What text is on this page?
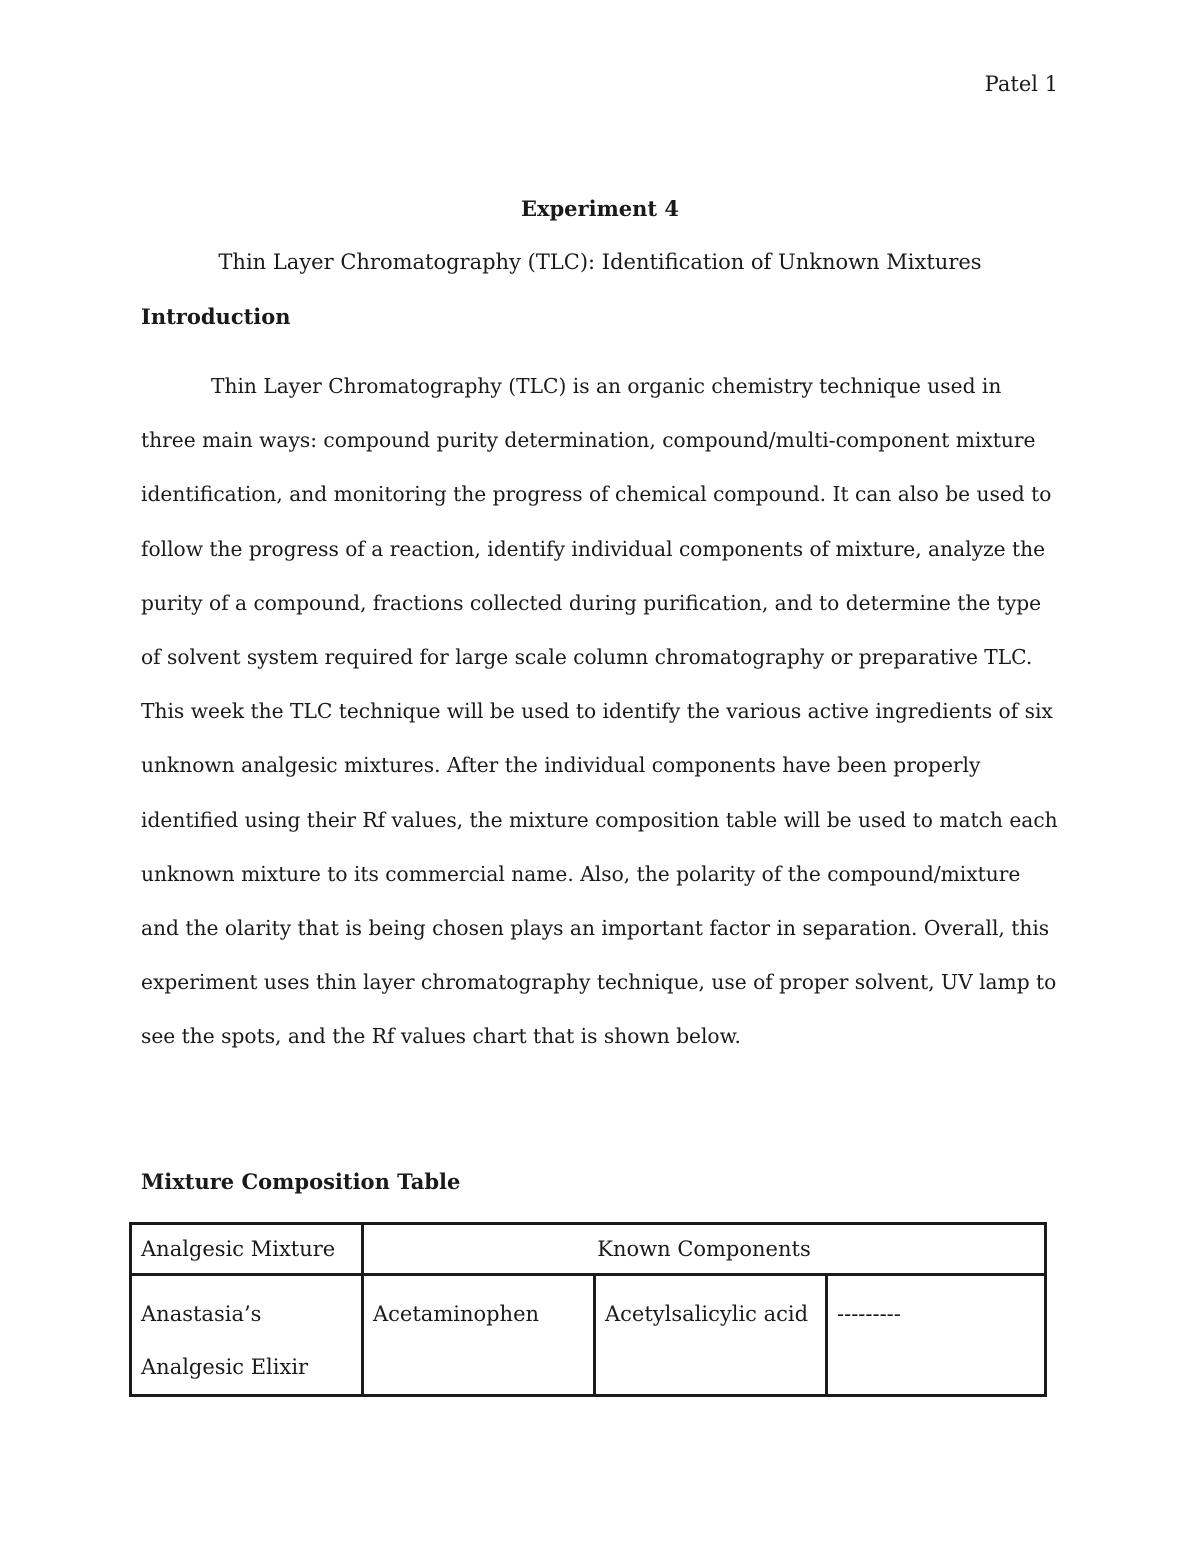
Patel 1
Experiment 4
Thin Layer Chromatography (TLC): Identification of Unknown Mixtures
Introduction

Thin Layer Chromatography (TLC) is an organic chemistry technique used in three main ways: compound purity determination, compound/multi-component mixture identification, and monitoring the progress of chemical compound. It can also be used to follow the progress of a reaction, identify individual components of mixture, analyze the purity of a compound, fractions collected during purification, and to determine the type of solvent system required for large scale column chromatography or preparative TLC. This week the TLC technique will be used to identify the various active ingredients of six unknown analgesic mixtures. After the individual components have been properly identified using their Rf values, the mixture composition table will be used to match each unknown mixture to its commercial name. Also, the polarity of the compound/mixture and the olarity that is being chosen plays an important factor in separation. Overall, this experiment uses thin layer chromatography technique, use of proper solvent, UV lamp to see the spots, and the Rf values chart that is shown below.

Mixture Composition Table
Analgesic Mixture	Known Components		
Anastasia’s Analgesic Elixir	Acetaminophen	Acetylsalicylic acid	---------
